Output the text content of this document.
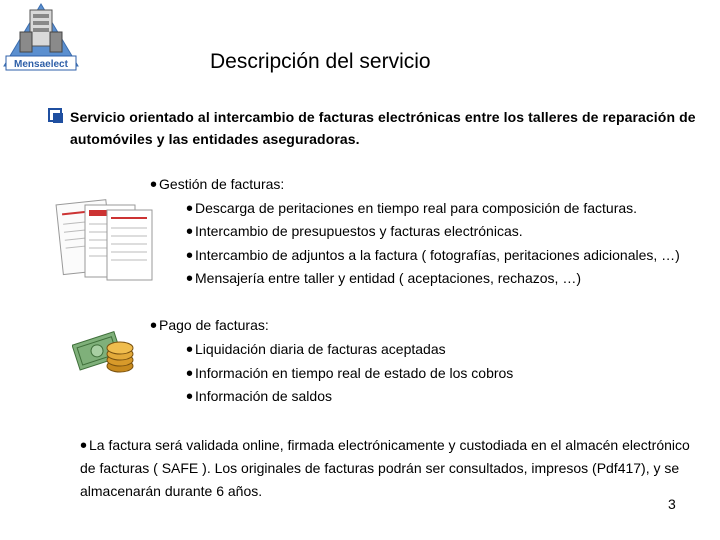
Mensaelect	Descripción del servicio
Servicio orientado al intercambio de facturas electrónicas entre los talleres de reparación de automóviles y las entidades aseguradoras.
• Gestión de facturas:
• Descarga de peritaciones en tiempo real para composición de facturas.
• Intercambio de presupuestos y facturas electrónicas.
• Intercambio de adjuntos a la factura ( fotografías, peritaciones adicionales, …)
• Mensajería entre taller y entidad ( aceptaciones, rechazos, …)
• Pago de facturas:
• Liquidación diaria de facturas aceptadas
• Información en tiempo real de estado de los cobros
• Información de saldos
• La factura será validada online, firmada electrónicamente y custodiada en el almacén electrónico de facturas ( SAFE ). Los originales de facturas podrán ser consultados, impresos (Pdf417), y se almacenarán durante 6 años.
3
